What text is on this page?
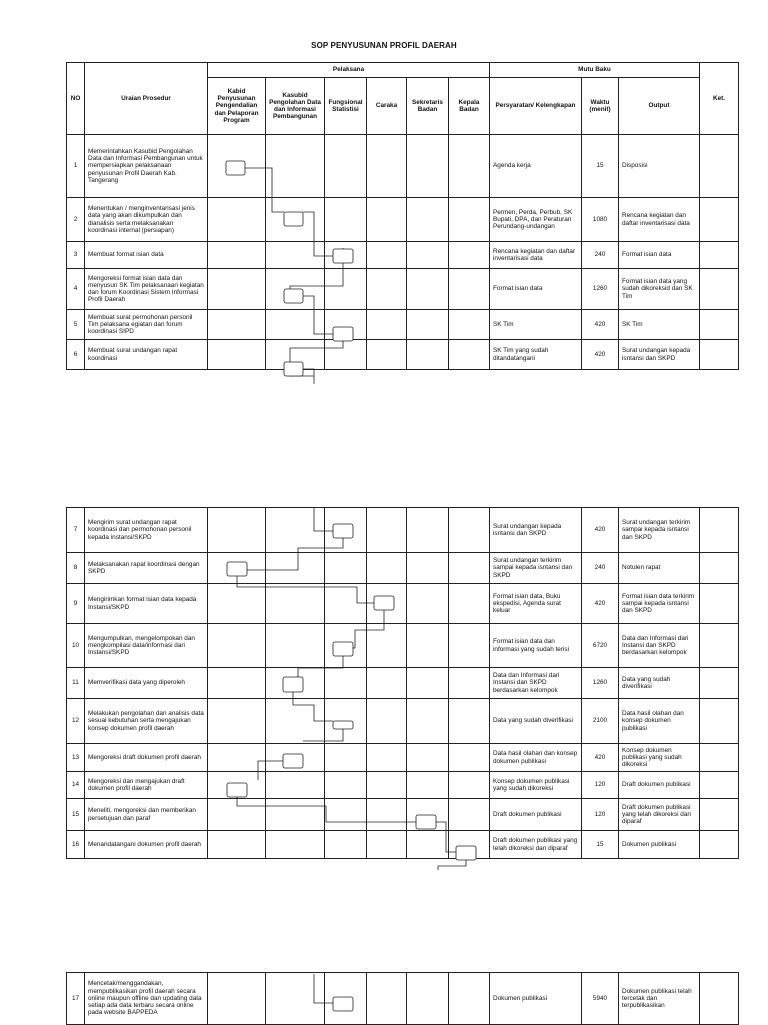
SOP PENYUSUNAN PROFIL DAERAH
NO	Uraian Prosedur	Pelaksana						Mutu Baku			Ket.
		Kabid Penyusunan Pengendalian dan Pelaporan Program	Kasubid Pengolahan Data dan Informasi Pembangunan	Fungsional Statistisi	Caraka	Sekretaris Badan	Kepala Badan	Persyaratan/ Kelengkapan	Waktu (menit)	Output	
1	Memerintahkan Kasubid Pengolahan Data dan Informasi Pembangunan untuk mempersiapkan pelaksanaan penyusunan Profil Daerah Kab. Tangerang							Agenda kerja	15	Disposisi	
2	Menentukan / menginventarisasi jenis data yang akan dikumpulkan dan dianalisis serta melaksanakan koordinasi internal (persiapan)							Permen, Perda, Perbub, SK Bupati, DPA, dan Peraturan Perundang-undangan	1080	Rencana kegiatan dan daftar inventarisasi data	
3	Membuat format isian data							Rencana kegiatan dan daftar inventarisasi data	240	Format isian data	
4	Mengoreksi format isian data dan menyusun SK Tim pelaksanaan kegiatan dan forum Koordinasi Sistem Informasi Profil Daerah							Format isian data	1260	Format isian data yang sudah dikoreksid dan SK Tim	
5	Membuat surat permohonan personil Tim pelaksana egiatan dan forum koordinasi SIPD							SK Tim	420	SK Tim	
6	Membuat surat undangan rapat koordinasi							SK Tim yang sudah ditandatangani	420	Surat undangan kepada isntansi dan SKPD	
7	Mengirim surat undangan rapat koordinasi dan permohonan personil kepada instansi/SKPD							Surat undangan kepada isntansi dan SKPD	420	Surat undangan terkirim sampai kepada isntansi dan SKPD	
8	Melaksanakan rapat koordinasi dengan SKPD							Surat undangan terkirim sampai kepada isntansi dan SKPD	240	Notulen rapat	
9	Mengirimkan format isian data kepada Instansi/SKPD							Format isian data, Buku ekspedisi, Agenda surat keluar	420	Format isian data terkirim sampai kepada isntansi dan SKPD	
10	Mengumpulkan, mengelompokan dan mengkompilasi data/informasi dari Instansi/SKPD							Format isian data dan informasi yang sudah terisi	6720	Data dan Informasi dari Instansi dan SKPD berdasarkan kelompok	
11	Memverifikasi data yang diperoleh							Data dan Informasi dari Instansi dan SKPD berdasarkan kelompok	1260	Data yang sudah diverifikasi	
12	Melakukan pengolahan dan analisis data sesuai kebutuhan serta mengajukan konsep dokumen profil daerah							Data yang sudah diverifikasi	2100	Data hasil olahan dan konsep dokumen publikasi	
13	Mengoreksi draft dokumen profil daerah							Data hasil olahan dan konsep dokumen publikasi	420	Konsep dokumen publikasi yang sudah dikoreksi	
14	Mengoreksi dan mengajukan draft dokumen profil daerah							Konsep dokumen publikasi yang sudah dikoreksi	120	Draft dokumen publikasi	
15	Meneliti, mengoreksi dan memberikan persetujuan dan paraf							Draft dokumen publikasi	120	Draft dokumen publikasi yang telah dikoreksi dan diparaf	
16	Menandatangani dokumen profil daerah							Draft dokumen publikasi yang telah dikoreksi dan diparaf	15	Dokumen publikasi	
17	Mencetak/menggandakan, mempublikasikan profil daerah secara online maupun offline dan updating data setiap ada data terbaru secara online pada website BAPPEDA							Dokumen publikasi	5940	Dokumen publikasi telah tercetak dan terpublikasikan	
